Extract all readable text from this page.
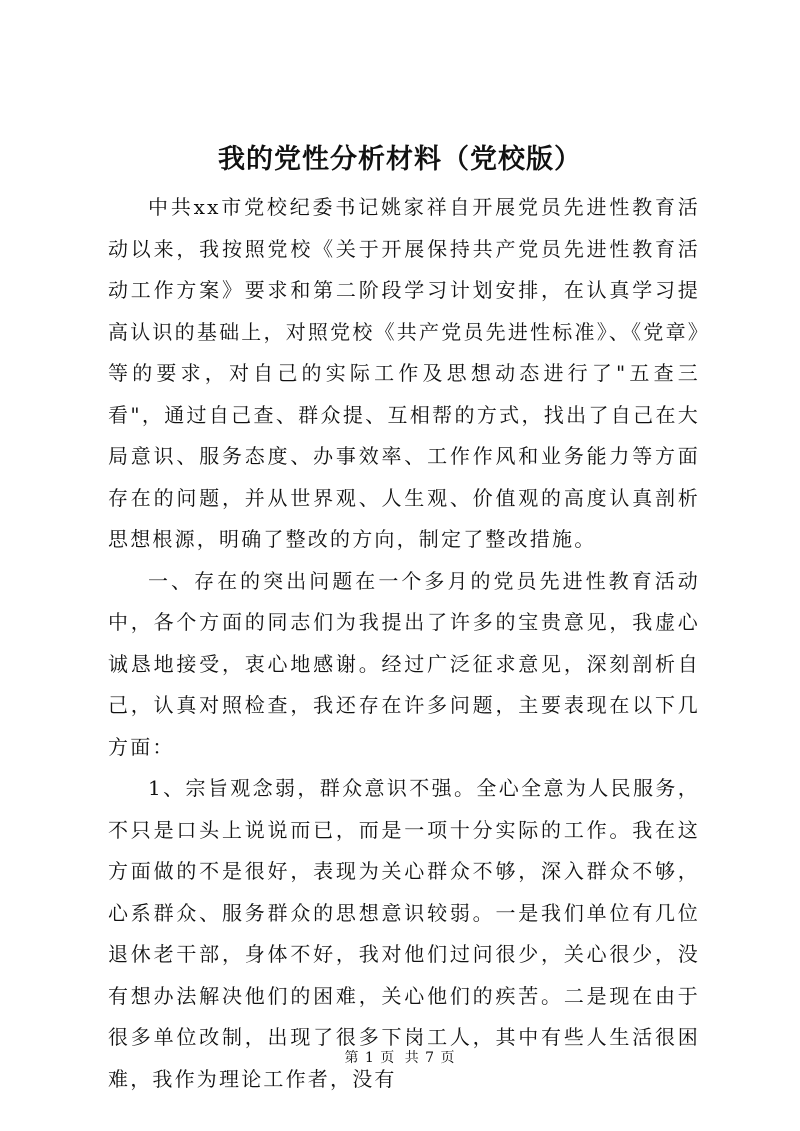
我的党性分析材料（党校版）

中共xx市党校纪委书记姚家祥自开展党员先进性教育活动以来，我按照党校《关于开展保持共产党员先进性教育活动工作方案》要求和第二阶段学习计划安排，在认真学习提高认识的基础上，对照党校《共产党员先进性标准》、《党章》等的要求，对自己的实际工作及思想动态进行了"五查三看"，通过自己查、群众提、互相帮的方式，找出了自己在大局意识、服务态度、办事效率、工作作风和业务能力等方面存在的问题，并从世界观、人生观、价值观的高度认真剖析思想根源，明确了整改的方向，制定了整改措施。

一、存在的突出问题在一个多月的党员先进性教育活动中，各个方面的同志们为我提出了许多的宝贵意见，我虚心诚恳地接受，衷心地感谢。经过广泛征求意见，深刻剖析自己，认真对照检查，我还存在许多问题，主要表现在以下几方面：

1、宗旨观念弱，群众意识不强。全心全意为人民服务，不只是口头上说说而已，而是一项十分实际的工作。我在这方面做的不是很好，表现为关心群众不够，深入群众不够，心系群众、服务群众的思想意识较弱。一是我们单位有几位退休老干部，身体不好，我对他们过问很少，关心很少，没有想办法解决他们的困难，关心他们的疾苦。二是现在由于很多单位改制，出现了很多下岗工人，其中有些人生活很困难，我作为理论工作者，没有

第 1 页 共 7 页
